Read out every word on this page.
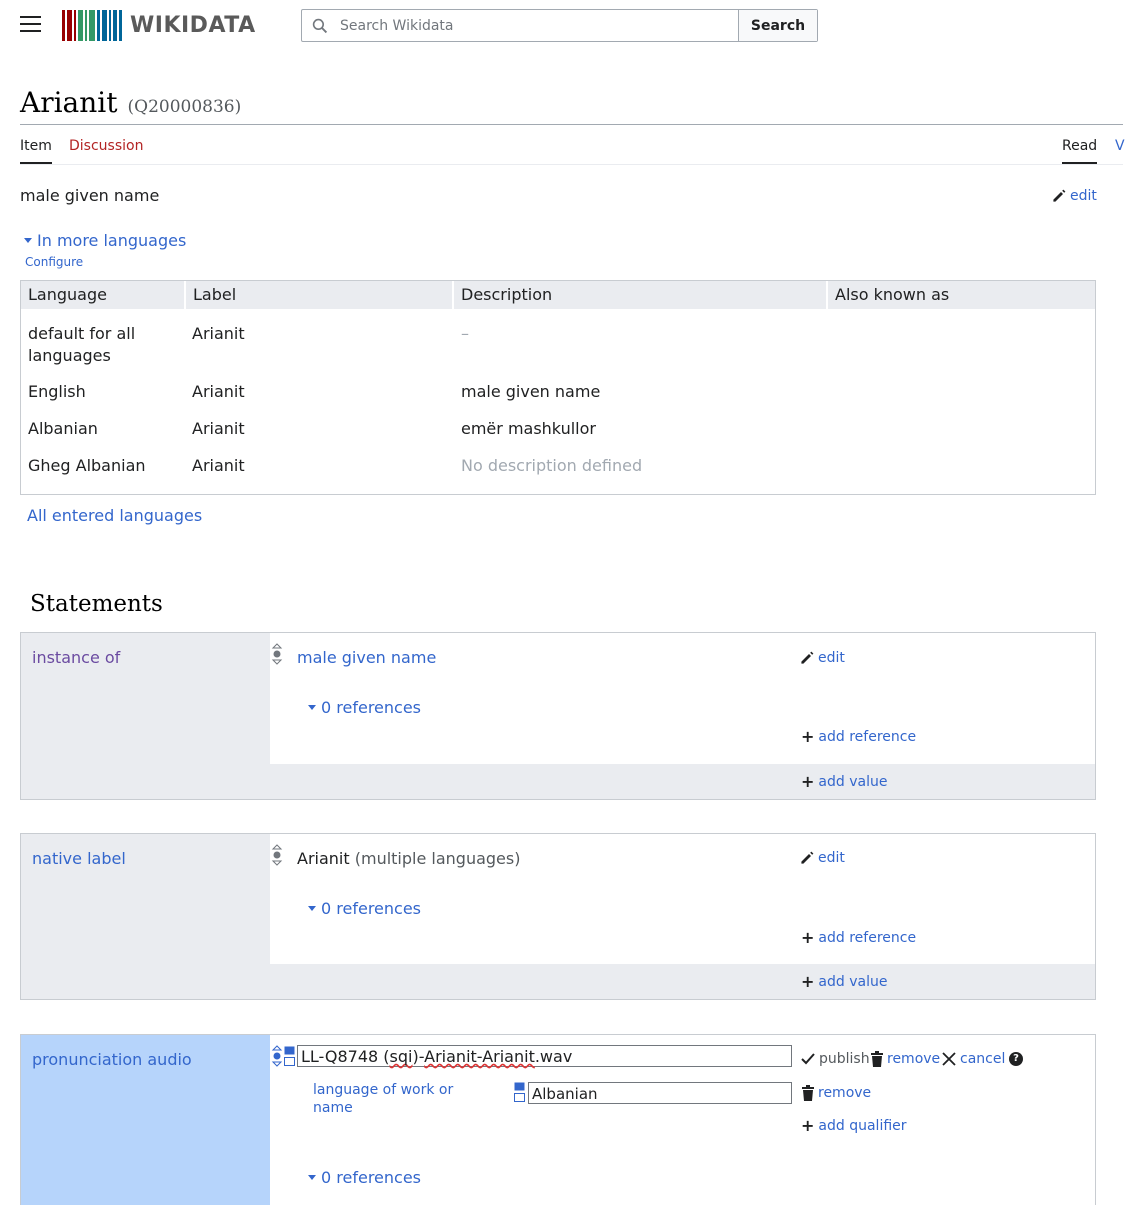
WIKIDATA	Search Wikidata	Search
Arianit (Q20000836)
Item Discussion	Read V
male given name	edit
In more languages
Configure
Language	Label	Description	Also known as
default for all
languages
Arianit	–
English	Arianit	male given name
Albanian	Arianit	emër mashkullor
Gheg Albanian	Arianit	No description defined
All entered languages
Statements
instance of	male given name	edit
0 references
+ add reference
+ add value
native label	Arianit (multiple languages)	edit
0 references
+ add reference
+ add value
pronunciation audio	LL-Q8748 (sqi)-Arianit-Arianit.wav	publish remove cancel ?
language of work or
name
Albanian	remove
+ add qualifier
0 references
